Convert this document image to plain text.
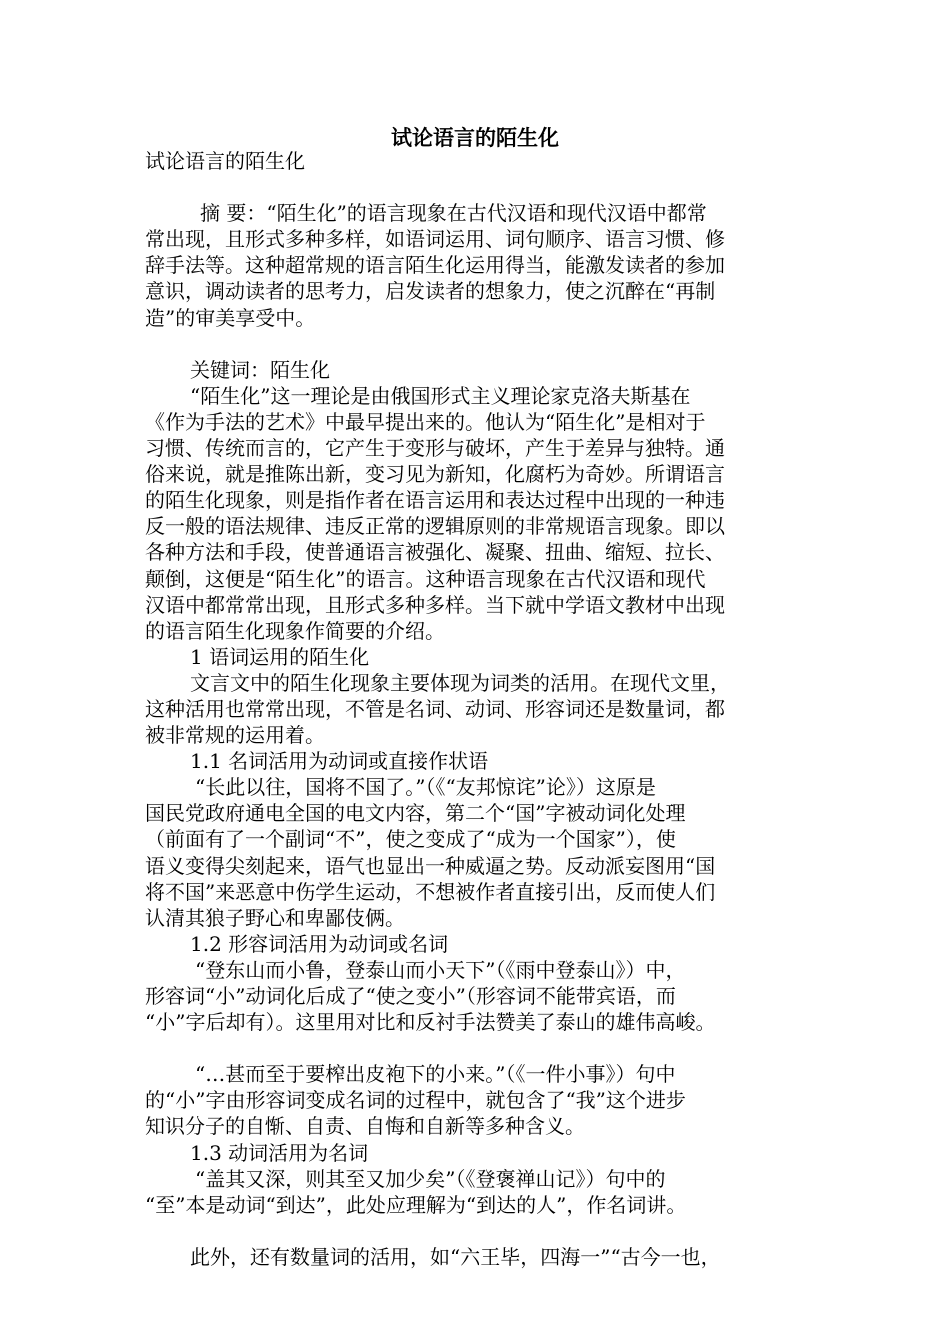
试论语言的陌生化
试论语言的陌生化
摘 要：“陌生化”的语言现象在古代汉语和现代汉语中都常
常出现，且形式多种多样，如语词运用、词句顺序、语言习惯、修
辞手法等。这种超常规的语言陌生化运用得当，能激发读者的参加
意识，调动读者的思考力，启发读者的想象力，使之沉醉在“再制
造”的审美享受中。
关键词：陌生化
“陌生化”这一理论是由俄国形式主义理论家克洛夫斯基在
《作为手法的艺术》中最早提出来的。他认为“陌生化”是相对于
习惯、传统而言的，它产生于变形与破坏，产生于差异与独特。通
俗来说，就是推陈出新，变习见为新知，化腐朽为奇妙。所谓语言
的陌生化现象，则是指作者在语言运用和表达过程中出现的一种违
反一般的语法规律、违反正常的逻辑原则的非常规语言现象。即以
各种方法和手段，使普通语言被强化、凝聚、扭曲、缩短、拉长、
颠倒，这便是“陌生化”的语言。这种语言现象在古代汉语和现代
汉语中都常常出现，且形式多种多样。当下就中学语文教材中出现
的语言陌生化现象作简要的介绍。
1 语词运用的陌生化
文言文中的陌生化现象主要体现为词类的活用。在现代文里，
这种活用也常常出现，不管是名词、动词、形容词还是数量词，都
被非常规的运用着。
1.1 名词活用为动词或直接作状语
“长此以往，国将不国了。”（《“友邦惊诧”论》）这原是
国民党政府通电全国的电文内容，第二个“国”字被动词化处理
（前面有了一个副词“不”，使之变成了“成为一个国家”），使
语义变得尖刻起来，语气也显出一种威逼之势。反动派妄图用“国
将不国”来恶意中伤学生运动，不想被作者直接引出，反而使人们
认清其狼子野心和卑鄙伎俩。
1.2 形容词活用为动词或名词
“登东山而小鲁，登泰山而小天下”（《雨中登泰山》）中，
形容词“小”动词化后成了“使之变小”（形容词不能带宾语，而
“小”字后却有）。这里用对比和反衬手法赞美了泰山的雄伟高峻。
“…甚而至于要榨出皮袍下的小来。”（《一件小事》）句中
的“小”字由形容词变成名词的过程中，就包含了“我”这个进步
知识分子的自惭、自责、自悔和自新等多种含义。
1.3 动词活用为名词
“盖其又深，则其至又加少矣”（《登褒禅山记》）句中的
“至”本是动词“到达”，此处应理解为“到达的人”，作名词讲。
此外，还有数量词的活用，如“六王毕，四海一”“古今一也，
